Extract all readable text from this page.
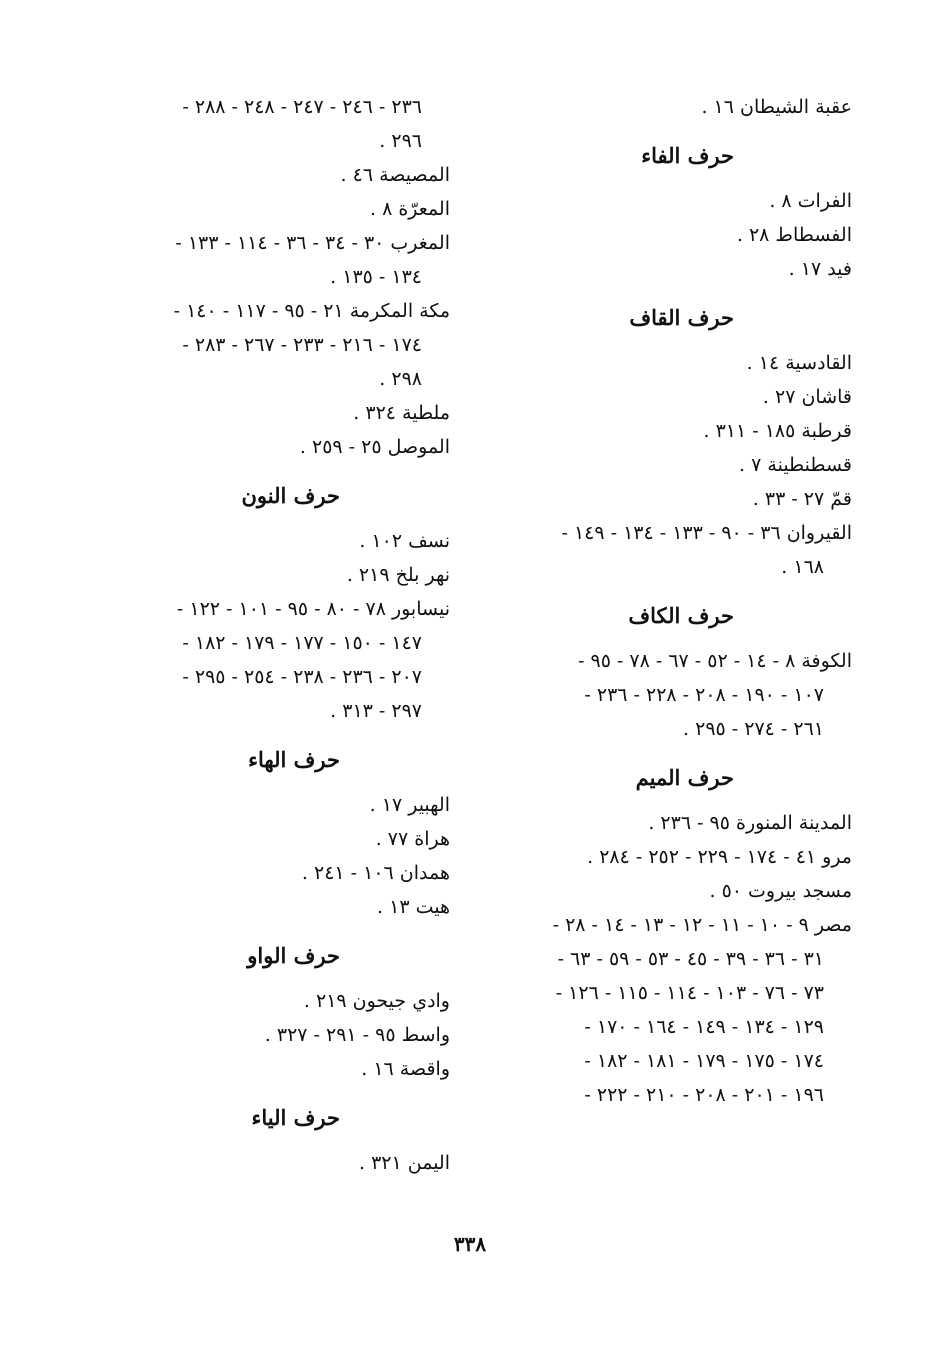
عقبة الشيطان ١٦ .

حرف الفاء

الفرات ٨ .

الفسطاط ٢٨ .

فيد ١٧ .

حرف القاف

القادسية ١٤ .

قاشان ٢٧ .

قرطبة ١٨٥ - ٣١١ .

قسطنطينة ٧ .

قمّ ٢٧ - ٣٣ .

القيروان ٣٦ - ٩٠ - ١٣٣ - ١٣٤ - ١٤٩ -

١٦٨ .

حرف الكاف

الكوفة ٨ - ١٤ - ٥٢ - ٦٧ - ٧٨ - ٩٥ -

١٠٧ - ١٩٠ - ٢٠٨ - ٢٢٨ - ٢٣٦ -

٢٦١ - ٢٧٤ - ٢٩٥ .

حرف الميم

المدينة المنورة ٩٥ - ٢٣٦ .

مرو ٤١ - ١٧٤ - ٢٢٩ - ٢٥٢ - ٢٨٤ .

مسجد بيروت ٥٠ .

مصر ٩ - ١٠ - ١١ - ١٢ - ١٣ - ١٤ - ٢٨ -

٣١ - ٣٦ - ٣٩ - ٤٥ - ٥٣ - ٥٩ - ٦٣ -

٧٣ - ٧٦ - ١٠٣ - ١١٤ - ١١٥ - ١٢٦ -

١٢٩ - ١٣٤ - ١٤٩ - ١٦٤ - ١٧٠ -

١٧٤ - ١٧٥ - ١٧٩ - ١٨١ - ١٨٢ -

١٩٦ - ٢٠١ - ٢٠٨ - ٢١٠ - ٢٢٢ -

٢٣٦ - ٢٤٦ - ٢٤٧ - ٢٤٨ - ٢٨٨ -

٢٩٦ .

المصيصة ٤٦ .

المعرّة ٨ .

المغرب ٣٠ - ٣٤ - ٣٦ - ١١٤ - ١٣٣ -

١٣٤ - ١٣٥ .

مكة المكرمة ٢١ - ٩٥ - ١١٧ - ١٤٠ -

١٧٤ - ٢١٦ - ٢٣٣ - ٢٦٧ - ٢٨٣ -

٢٩٨ .

ملطية ٣٢٤ .

الموصل ٢٥ - ٢٥٩ .

حرف النون

نسف ١٠٢ .

نهر بلخ ٢١٩ .

نيسابور ٧٨ - ٨٠ - ٩٥ - ١٠١ - ١٢٢ -

١٤٧ - ١٥٠ - ١٧٧ - ١٧٩ - ١٨٢ -

٢٠٧ - ٢٣٦ - ٢٣٨ - ٢٥٤ - ٢٩٥ -

٢٩٧ - ٣١٣ .

حرف الهاء

الهبير ١٧ .

هراة ٧٧ .

همدان ١٠٦ - ٢٤١ .

هيت ١٣ .

حرف الواو

وادي جيحون ٢١٩ .

واسط ٩٥ - ٢٩١ - ٣٢٧ .

واقصة ١٦ .

حرف الياء

اليمن ٣٢١ .

٣٣٨
